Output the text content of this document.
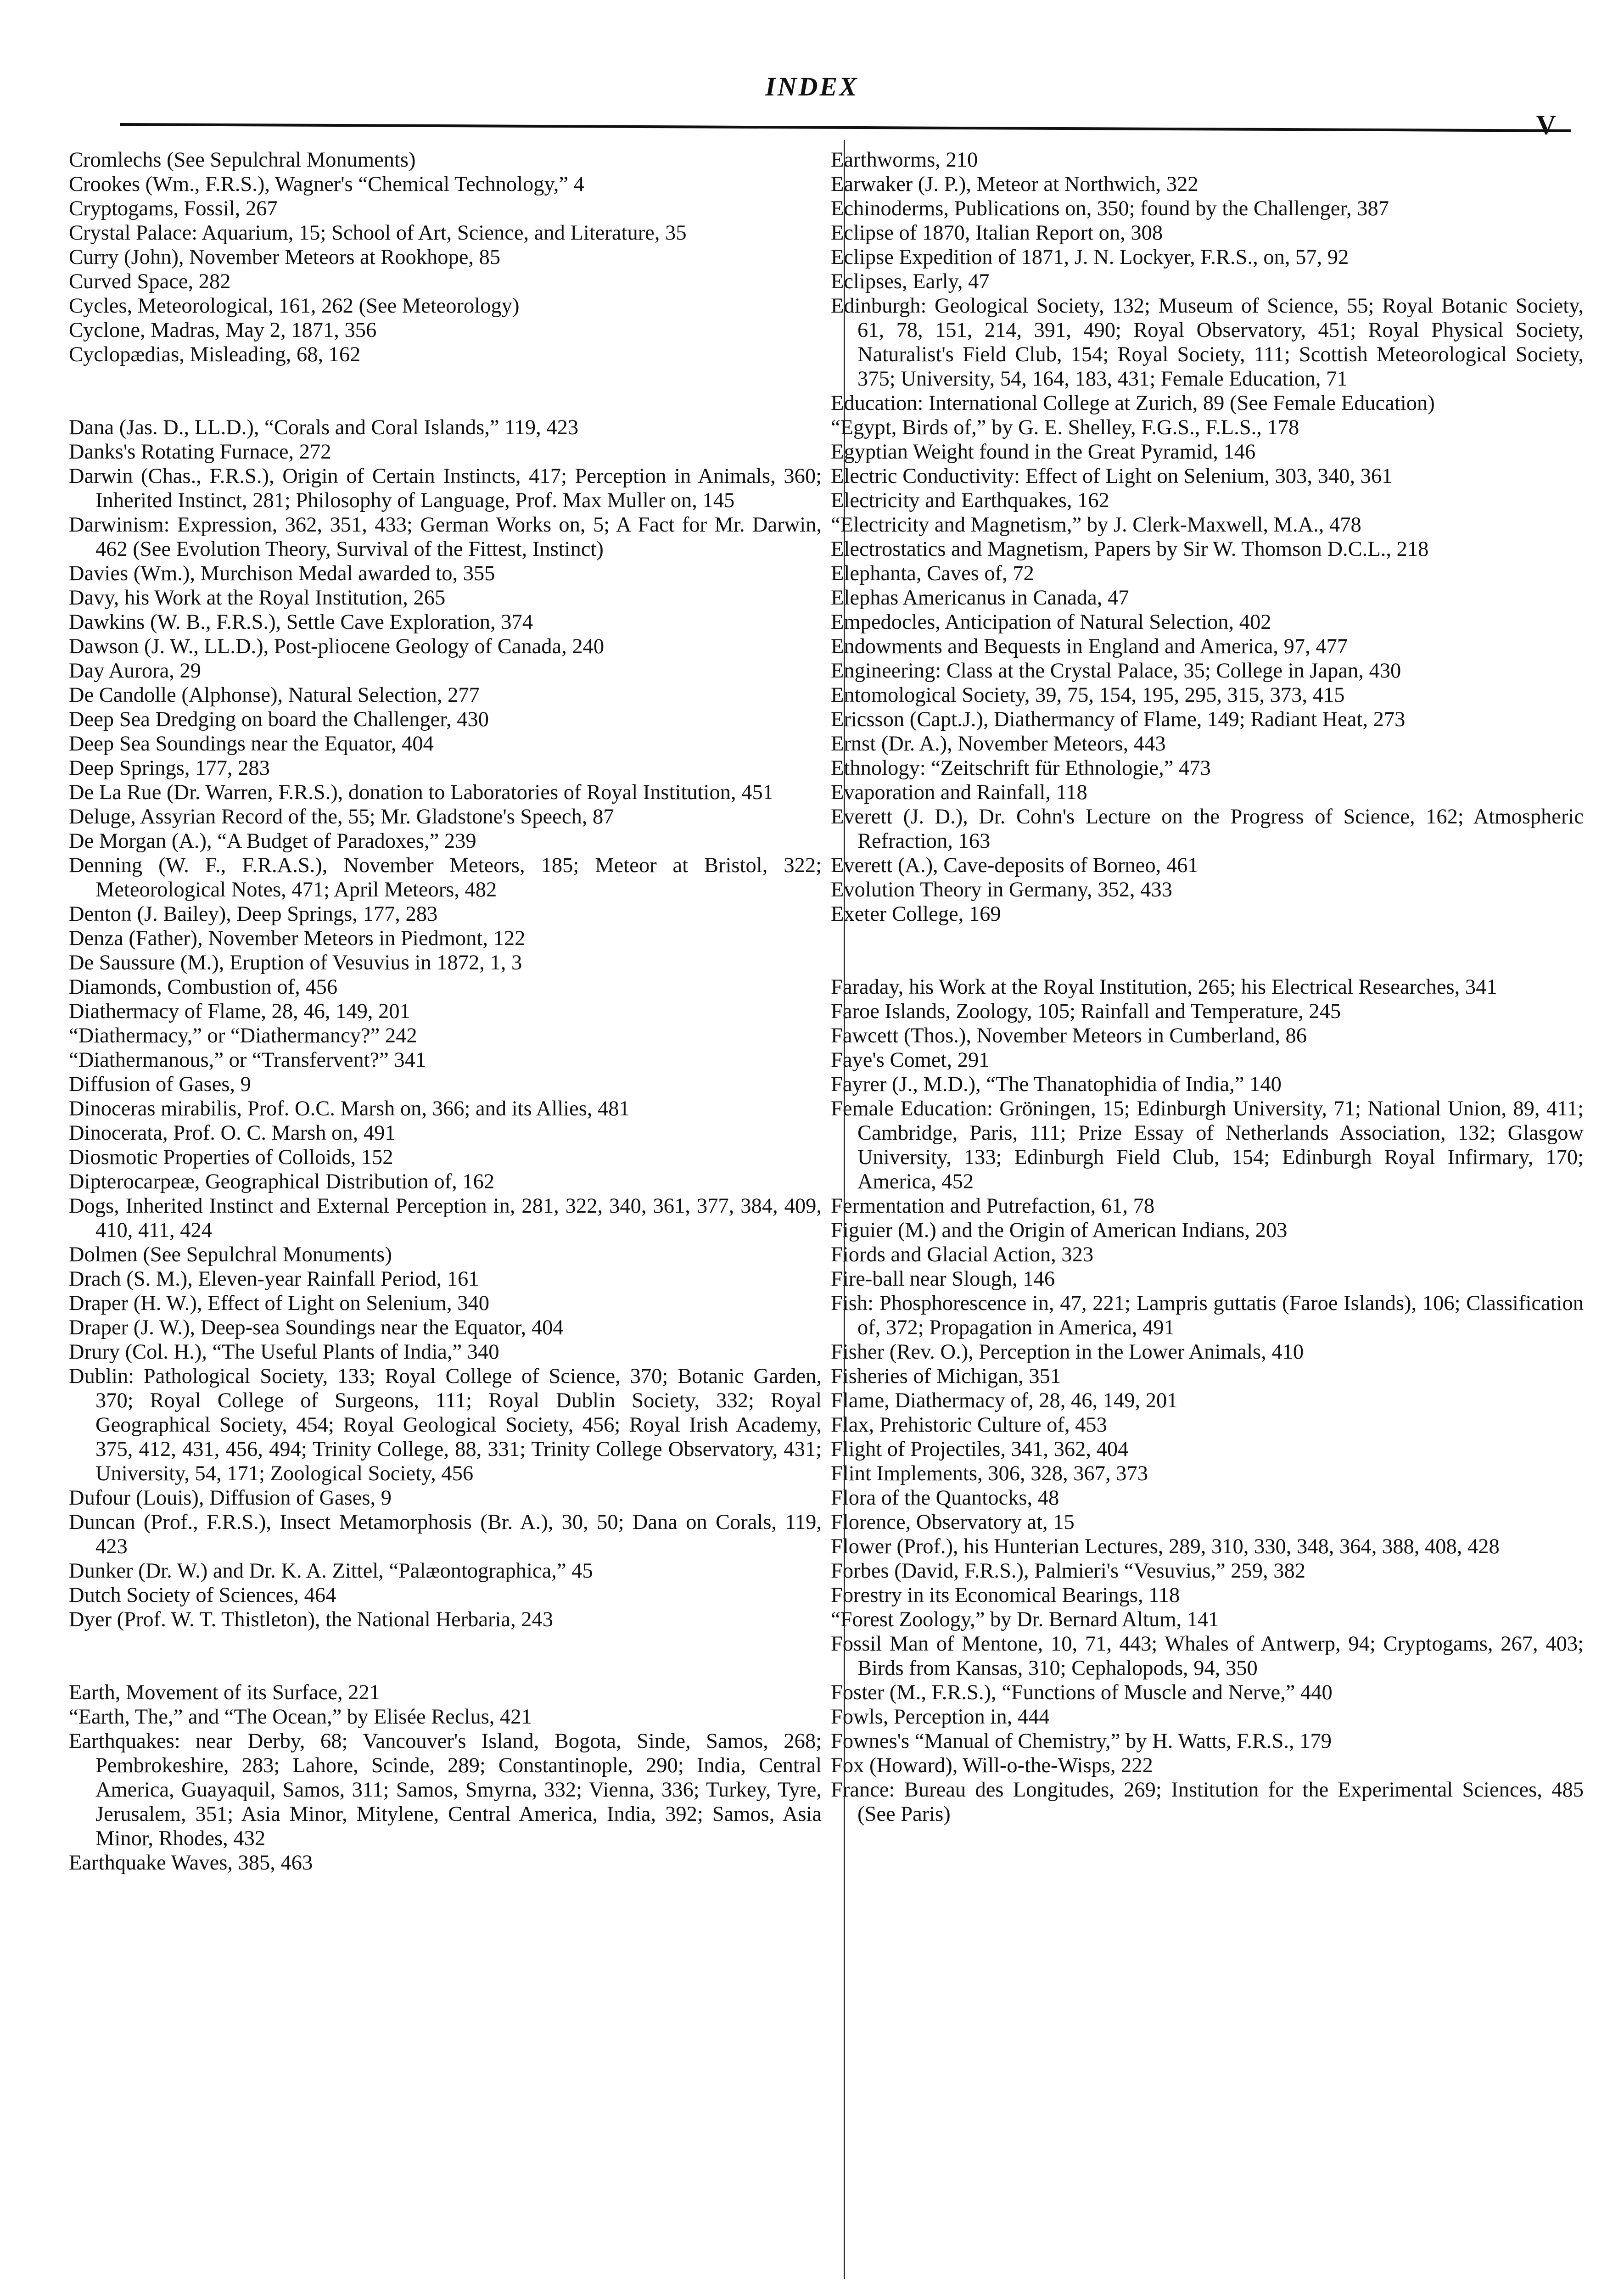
INDEX
V
Cromlechs (See Sepulchral Monuments)
Crookes (Wm., F.R.S.), Wagner's “Chemical Technology,” 4
Cryptogams, Fossil, 267
Crystal Palace: Aquarium, 15; School of Art, Science, and Literature, 35
Curry (John), November Meteors at Rookhope, 85
Curved Space, 282
Cycles, Meteorological, 161, 262 (See Meteorology)
Cyclone, Madras, May 2, 1871, 356
Cyclopædias, Misleading, 68, 162
Dana (Jas. D., LL.D.), “Corals and Coral Islands,” 119, 423
Danks's Rotating Furnace, 272
Darwin (Chas., F.R.S.), Origin of Certain Instincts, 417; Perception in Animals, 360; Inherited Instinct, 281; Philosophy of Language, Prof. Max Muller on, 145
Darwinism: Expression, 362, 351, 433; German Works on, 5; A Fact for Mr. Darwin, 462 (See Evolution Theory, Survival of the Fittest, Instinct)
Davies (Wm.), Murchison Medal awarded to, 355
Davy, his Work at the Royal Institution, 265
Dawkins (W. B., F.R.S.), Settle Cave Exploration, 374
Dawson (J. W., LL.D.), Post-pliocene Geology of Canada, 240
Day Aurora, 29
De Candolle (Alphonse), Natural Selection, 277
Deep Sea Dredging on board the Challenger, 430
Deep Sea Soundings near the Equator, 404
Deep Springs, 177, 283
De La Rue (Dr. Warren, F.R.S.), donation to Laboratories of Royal Institution, 451
Deluge, Assyrian Record of the, 55; Mr. Gladstone's Speech, 87
De Morgan (A.), “A Budget of Paradoxes,” 239
Denning (W. F., F.R.A.S.), November Meteors, 185; Meteor at Bristol, 322; Meteorological Notes, 471; April Meteors, 482
Denton (J. Bailey), Deep Springs, 177, 283
Denza (Father), November Meteors in Piedmont, 122
De Saussure (M.), Eruption of Vesuvius in 1872, 1, 3
Diamonds, Combustion of, 456
Diathermacy of Flame, 28, 46, 149, 201
“Diathermacy,” or “Diathermancy?” 242
“Diathermanous,” or “Transfervent?” 341
Diffusion of Gases, 9
Dinoceras mirabilis, Prof. O.C. Marsh on, 366; and its Allies, 481
Dinocerata, Prof. O. C. Marsh on, 491
Diosmotic Properties of Colloids, 152
Dipterocarpeæ, Geographical Distribution of, 162
Dogs, Inherited Instinct and External Perception in, 281, 322, 340, 361, 377, 384, 409, 410, 411, 424
Dolmen (See Sepulchral Monuments)
Drach (S. M.), Eleven-year Rainfall Period, 161
Draper (H. W.), Effect of Light on Selenium, 340
Draper (J. W.), Deep-sea Soundings near the Equator, 404
Drury (Col. H.), “The Useful Plants of India,” 340
Dublin: Pathological Society, 133; Royal College of Science, 370; Botanic Garden, 370; Royal College of Surgeons, 111; Royal Dublin Society, 332; Royal Geographical Society, 454; Royal Geological Society, 456; Royal Irish Academy, 375, 412, 431, 456, 494; Trinity College, 88, 331; Trinity College Observatory, 431; University, 54, 171; Zoological Society, 456
Dufour (Louis), Diffusion of Gases, 9
Duncan (Prof., F.R.S.), Insect Metamorphosis (Br. A.), 30, 50; Dana on Corals, 119, 423
Dunker (Dr. W.) and Dr. K. A. Zittel, “Palæontographica,” 45
Dutch Society of Sciences, 464
Dyer (Prof. W. T. Thistleton), the National Herbaria, 243
Earth, Movement of its Surface, 221
“Earth, The,” and “The Ocean,” by Elisée Reclus, 421
Earthquakes: near Derby, 68; Vancouver's Island, Bogota, Sinde, Samos, 268; Pembrokeshire, 283; Lahore, Scinde, 289; Constantinople, 290; India, Central America, Guayaquil, Samos, 311; Samos, Smyrna, 332; Vienna, 336; Turkey, Tyre, Jerusalem, 351; Asia Minor, Mitylene, Central America, India, 392; Samos, Asia Minor, Rhodes, 432
Earthquake Waves, 385, 463
Earthworms, 210
Earwaker (J. P.), Meteor at Northwich, 322
Echinoderms, Publications on, 350; found by the Challenger, 387
Eclipse of 1870, Italian Report on, 308
Eclipse Expedition of 1871, J. N. Lockyer, F.R.S., on, 57, 92
Eclipses, Early, 47
Edinburgh: Geological Society, 132; Museum of Science, 55; Royal Botanic Society, 61, 78, 151, 214, 391, 490; Royal Observatory, 451; Royal Physical Society, Naturalist's Field Club, 154; Royal Society, 111; Scottish Meteorological Society, 375; University, 54, 164, 183, 431; Female Education, 71
Education: International College at Zurich, 89 (See Female Education)
“Egypt, Birds of,” by G. E. Shelley, F.G.S., F.L.S., 178
Egyptian Weight found in the Great Pyramid, 146
Electric Conductivity: Effect of Light on Selenium, 303, 340, 361
Electricity and Earthquakes, 162
“Electricity and Magnetism,” by J. Clerk-Maxwell, M.A., 478
Electrostatics and Magnetism, Papers by Sir W. Thomson D.C.L., 218
Elephanta, Caves of, 72
Elephas Americanus in Canada, 47
Empedocles, Anticipation of Natural Selection, 402
Endowments and Bequests in England and America, 97, 477
Engineering: Class at the Crystal Palace, 35; College in Japan, 430
Entomological Society, 39, 75, 154, 195, 295, 315, 373, 415
Ericsson (Capt.J.), Diathermancy of Flame, 149; Radiant Heat, 273
Ernst (Dr. A.), November Meteors, 443
Ethnology: “Zeitschrift für Ethnologie,” 473
Evaporation and Rainfall, 118
Everett (J. D.), Dr. Cohn's Lecture on the Progress of Science, 162; Atmospheric Refraction, 163
Everett (A.), Cave-deposits of Borneo, 461
Evolution Theory in Germany, 352, 433
Exeter College, 169
Faraday, his Work at the Royal Institution, 265; his Electrical Researches, 341
Faroe Islands, Zoology, 105; Rainfall and Temperature, 245
Fawcett (Thos.), November Meteors in Cumberland, 86
Faye's Comet, 291
Fayrer (J., M.D.), “The Thanatophidia of India,” 140
Female Education: Gröningen, 15; Edinburgh University, 71; National Union, 89, 411; Cambridge, Paris, 111; Prize Essay of Netherlands Association, 132; Glasgow University, 133; Edinburgh Field Club, 154; Edinburgh Royal Infirmary, 170; America, 452
Fermentation and Putrefaction, 61, 78
Figuier (M.) and the Origin of American Indians, 203
Fiords and Glacial Action, 323
Fire-ball near Slough, 146
Fish: Phosphorescence in, 47, 221; Lampris guttatis (Faroe Islands), 106; Classification of, 372; Propagation in America, 491
Fisher (Rev. O.), Perception in the Lower Animals, 410
Fisheries of Michigan, 351
Flame, Diathermacy of, 28, 46, 149, 201
Flax, Prehistoric Culture of, 453
Flight of Projectiles, 341, 362, 404
Flint Implements, 306, 328, 367, 373
Flora of the Quantocks, 48
Florence, Observatory at, 15
Flower (Prof.), his Hunterian Lectures, 289, 310, 330, 348, 364, 388, 408, 428
Forbes (David, F.R.S.), Palmieri's “Vesuvius,” 259, 382
Forestry in its Economical Bearings, 118
“Forest Zoology,” by Dr. Bernard Altum, 141
Fossil Man of Mentone, 10, 71, 443; Whales of Antwerp, 94; Cryptogams, 267, 403; Birds from Kansas, 310; Cephalopods, 94, 350
Foster (M., F.R.S.), “Functions of Muscle and Nerve,” 440
Fowls, Perception in, 444
Fownes's “Manual of Chemistry,” by H. Watts, F.R.S., 179
Fox (Howard), Will-o-the-Wisps, 222
France: Bureau des Longitudes, 269; Institution for the Experimental Sciences, 485 (See Paris)
